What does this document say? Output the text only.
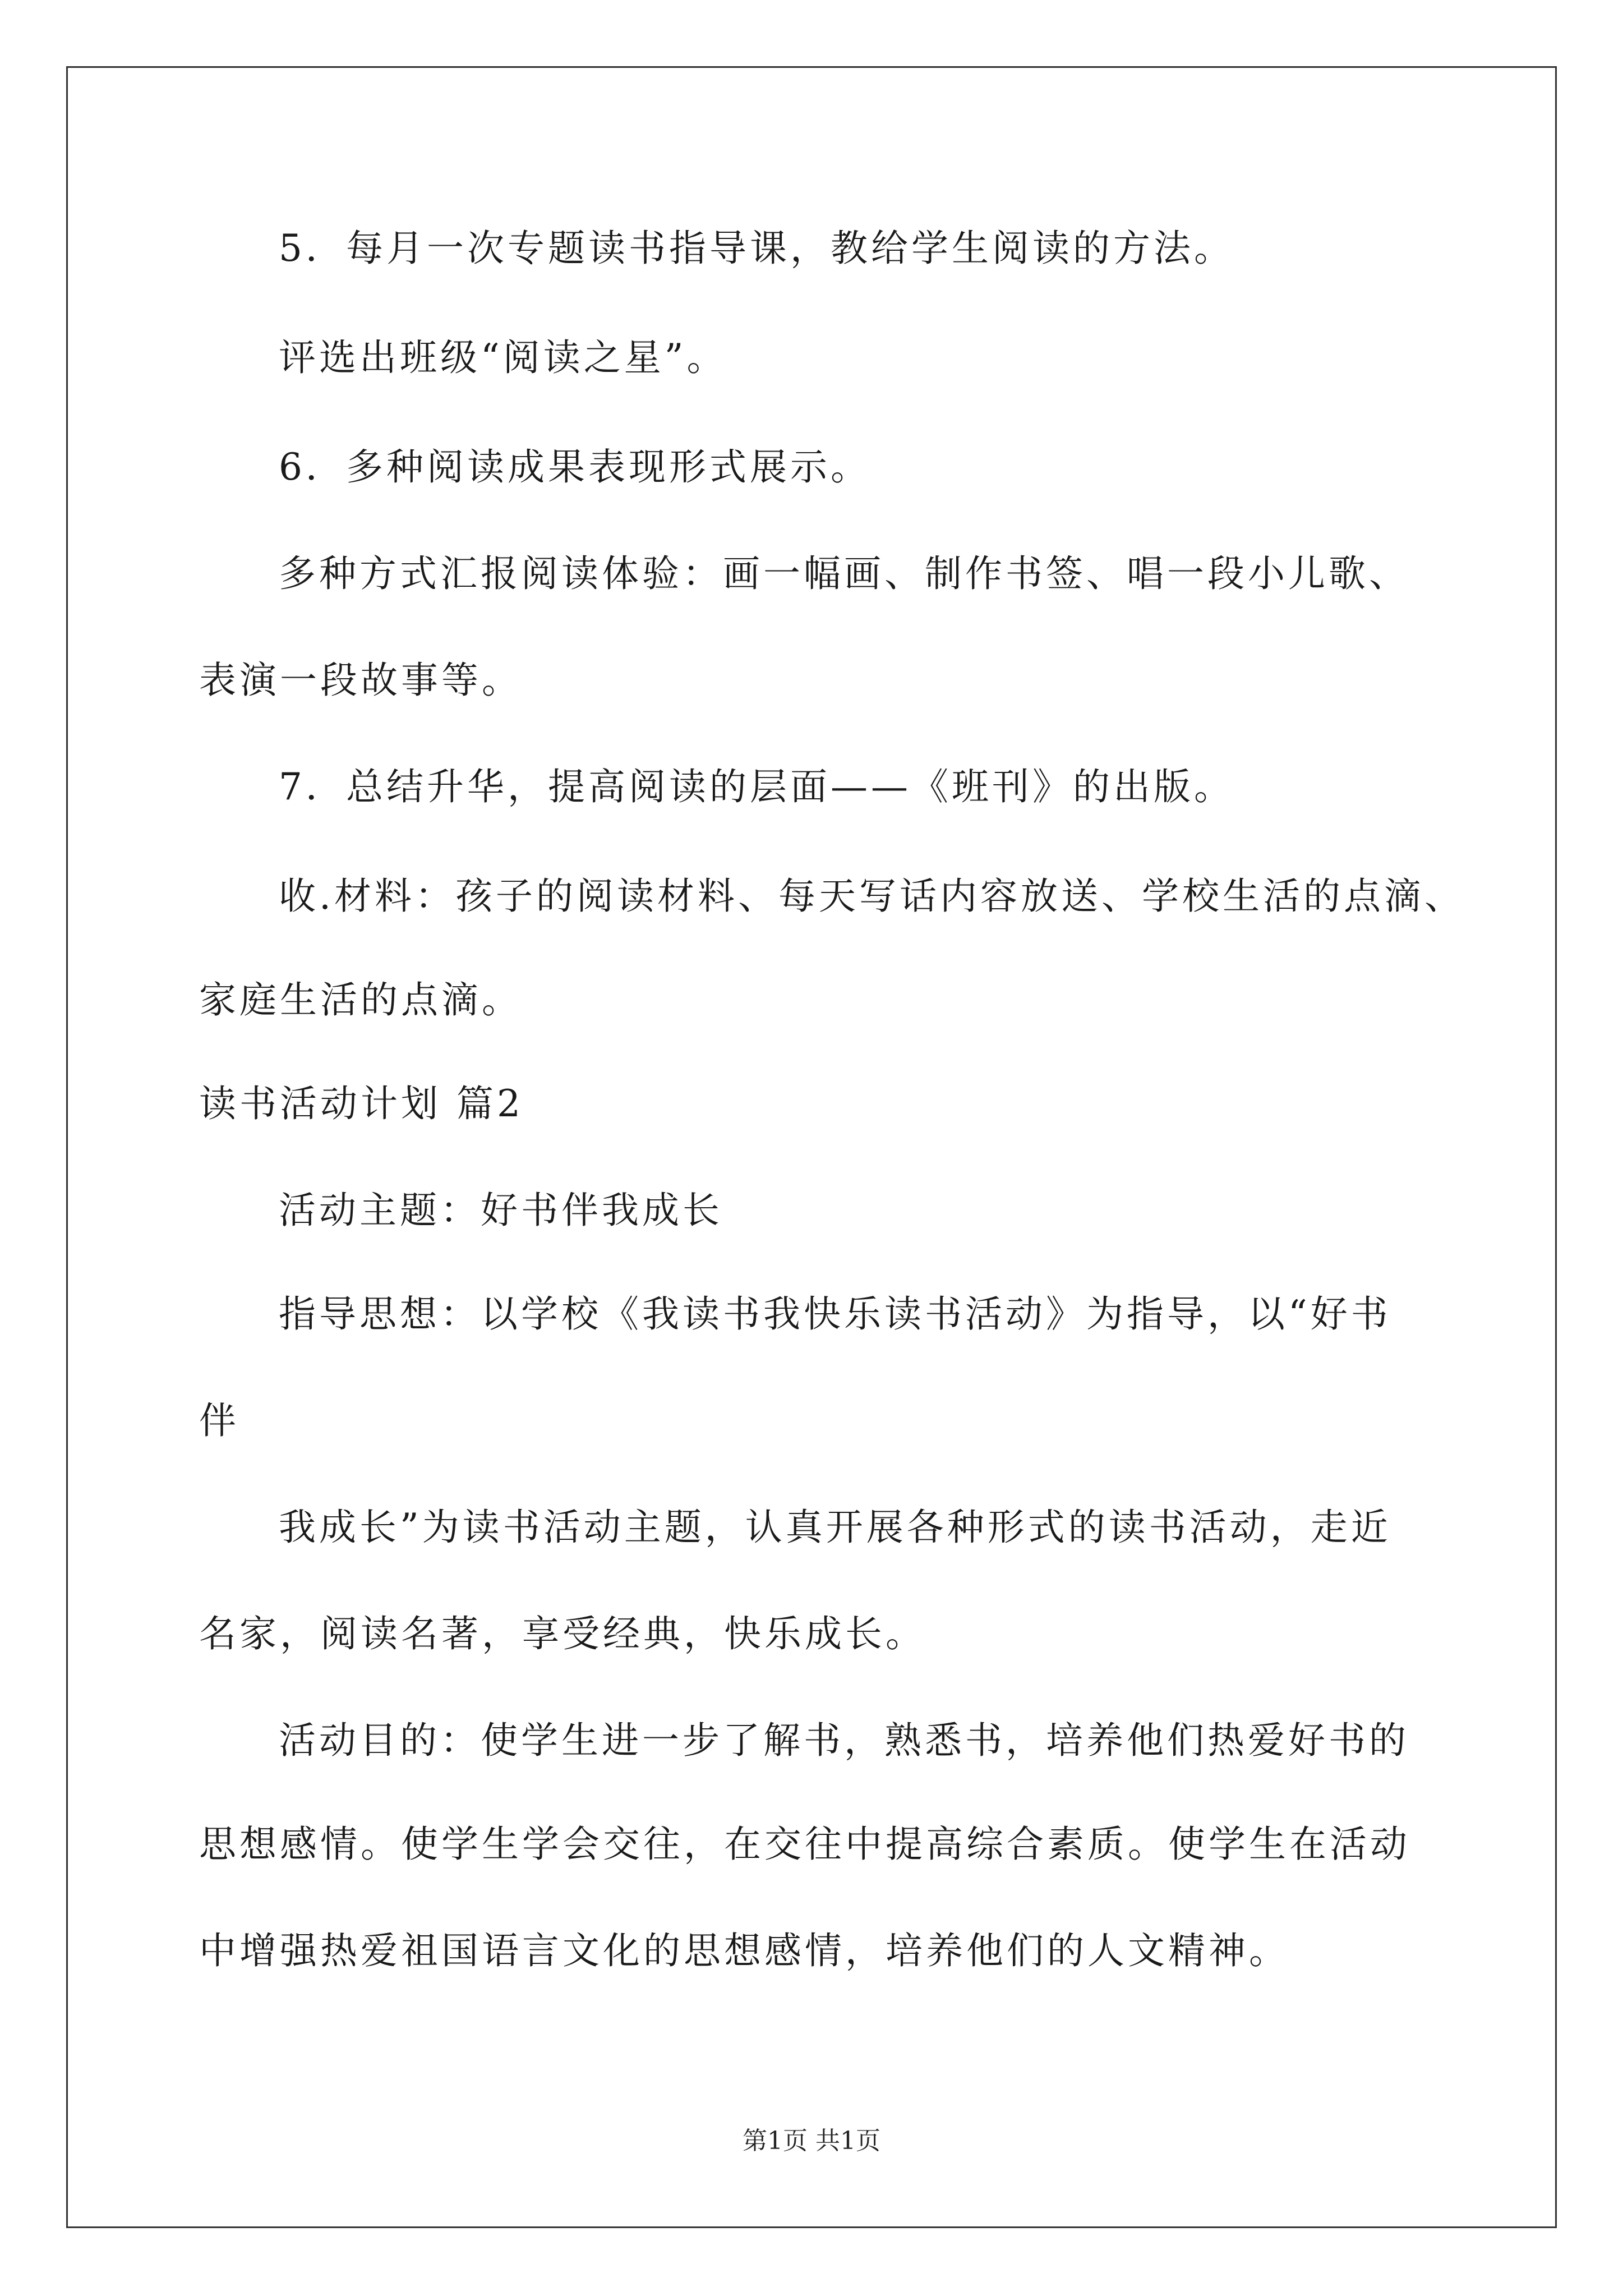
5．每月一次专题读书指导课，教给学生阅读的方法。
评选出班级“阅读之星”。
6．多种阅读成果表现形式展示。
多种方式汇报阅读体验：画一幅画、制作书签、唱一段小儿歌、
表演一段故事等。
7．总结升华，提高阅读的层面——《班刊》的出版。
收.材料：孩子的阅读材料、每天写话内容放送、学校生活的点滴、
家庭生活的点滴。
读书活动计划 篇2
活动主题：好书伴我成长
指导思想：以学校《我读书我快乐读书活动》为指导，以“好书
伴
我成长”为读书活动主题，认真开展各种形式的读书活动，走近
名家，阅读名著，享受经典，快乐成长。
活动目的：使学生进一步了解书，熟悉书，培养他们热爱好书的
思想感情。使学生学会交往，在交往中提高综合素质。使学生在活动
中增强热爱祖国语言文化的思想感情，培养他们的人文精神。
第1页 共1页
